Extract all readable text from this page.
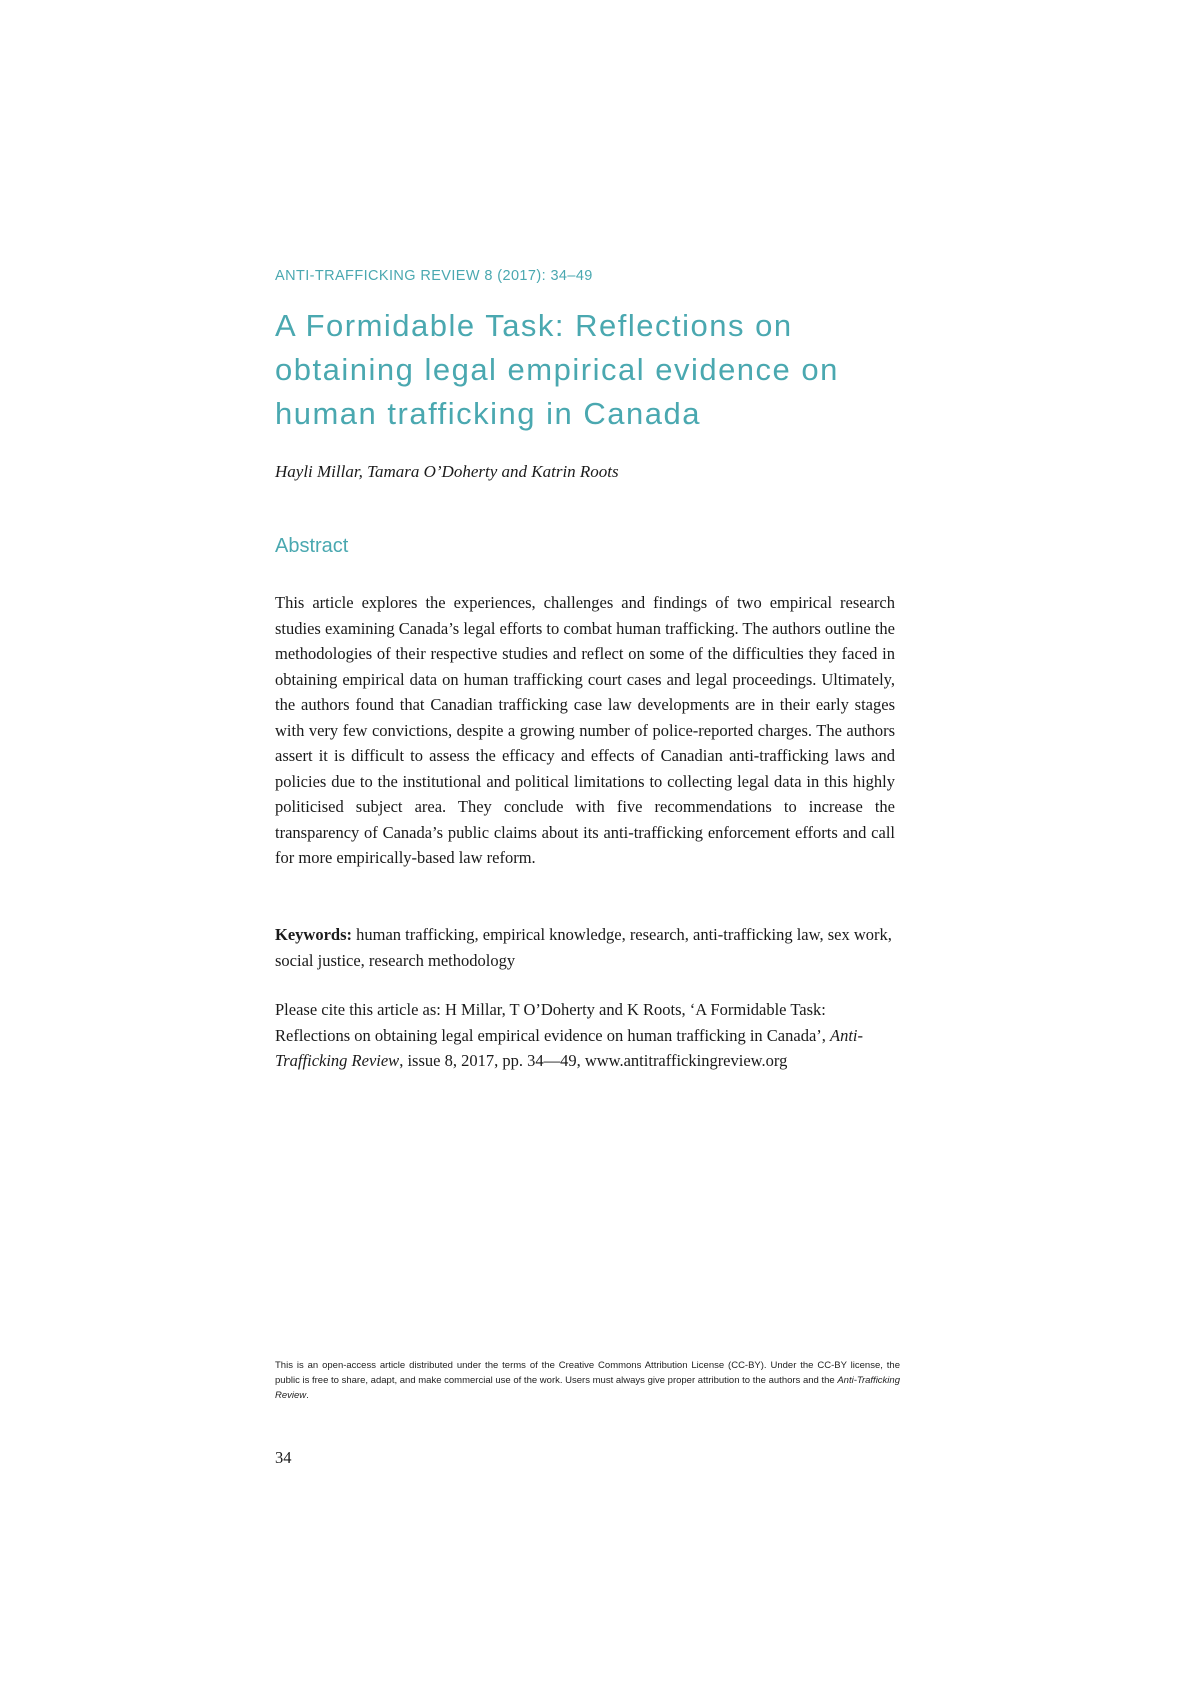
ANTI-TRAFFICKING REVIEW 8 (2017): 34–49
A Formidable Task: Reflections on obtaining legal empirical evidence on human trafficking in Canada
Hayli Millar, Tamara O’Doherty and Katrin Roots
Abstract

This article explores the experiences, challenges and findings of two empirical research studies examining Canada’s legal efforts to combat human trafficking. The authors outline the methodologies of their respective studies and reflect on some of the difficulties they faced in obtaining empirical data on human trafficking court cases and legal proceedings. Ultimately, the authors found that Canadian trafficking case law developments are in their early stages with very few convictions, despite a growing number of police-reported charges. The authors assert it is difficult to assess the efficacy and effects of Canadian anti-trafficking laws and policies due to the institutional and political limitations to collecting legal data in this highly politicised subject area. They conclude with five recommendations to increase the transparency of Canada’s public claims about its anti-trafficking enforcement efforts and call for more empirically-based law reform.

Keywords: human trafficking, empirical knowledge, research, anti-trafficking law, sex work, social justice, research methodology

Please cite this article as: H Millar, T O’Doherty and K Roots, ‘A Formidable Task: Reflections on obtaining legal empirical evidence on human trafficking in Canada’, Anti-Trafficking Review, issue 8, 2017, pp. 34—49, www.antitraffickingreview.org

This is an open-access article distributed under the terms of the Creative Commons Attribution License (CC-BY). Under the CC-BY license, the public is free to share, adapt, and make commercial use of the work. Users must always give proper attribution to the authors and the Anti-Trafficking Review.

34
